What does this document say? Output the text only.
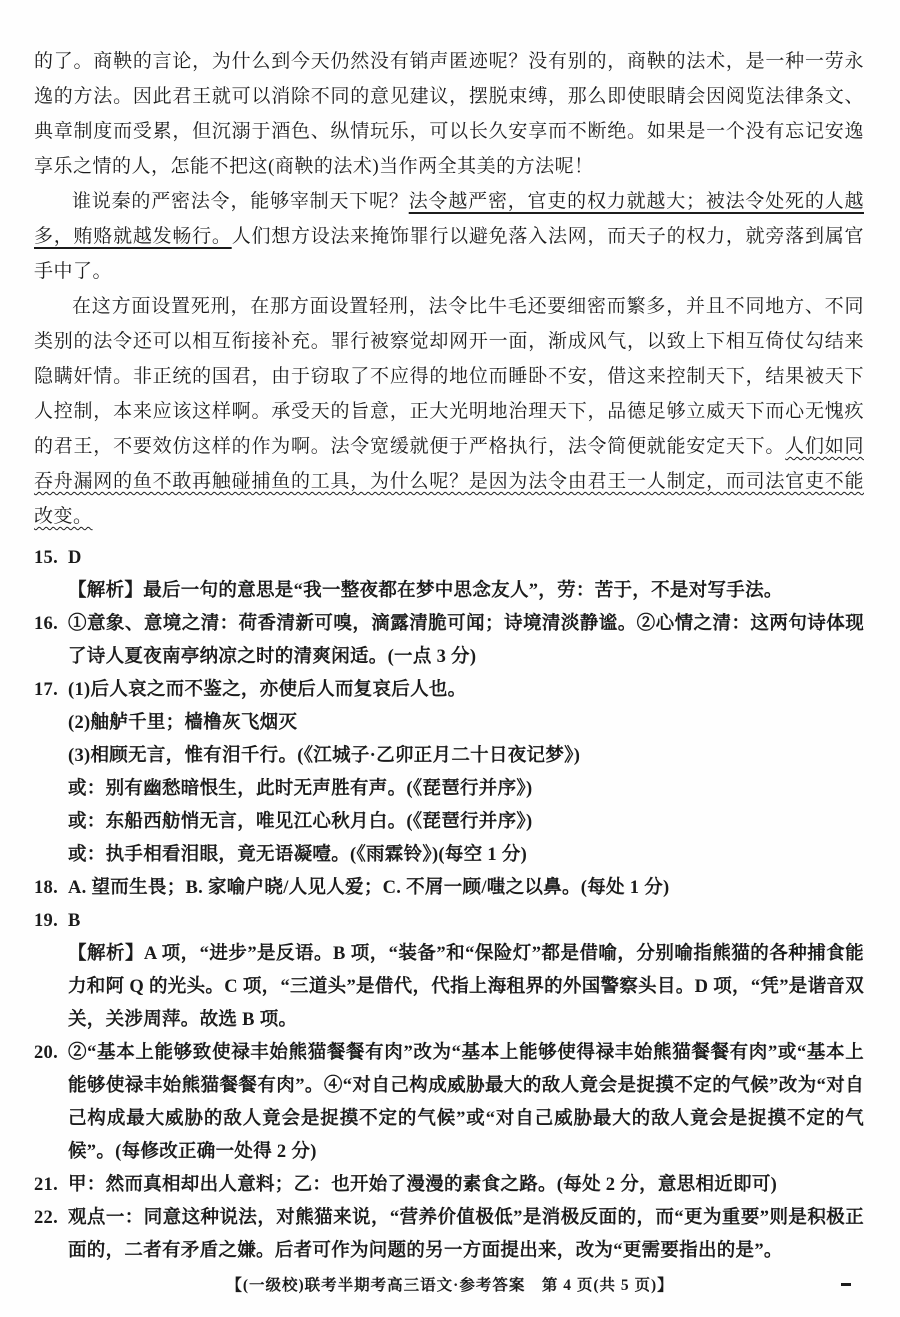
的了。商鞅的言论，为什么到今天仍然没有销声匿迹呢？没有别的，商鞅的法术，是一种一劳永逸的方法。因此君王就可以消除不同的意见建议，摆脱束缚，那么即使眼睛会因阅览法律条文、典章制度而受累，但沉溺于酒色、纵情玩乐，可以长久安享而不断绝。如果是一个没有忘记安逸享乐之情的人，怎能不把这(商鞅的法术)当作两全其美的方法呢！

谁说秦的严密法令，能够宰制天下呢？法令越严密，官吏的权力就越大；被法令处死的人越多，贿赂就越发畅行。人们想方设法来掩饰罪行以避免落入法网，而天子的权力，就旁落到属官手中了。

在这方面设置死刑，在那方面设置轻刑，法令比牛毛还要细密而繁多，并且不同地方、不同类别的法令还可以相互衔接补充。罪行被察觉却网开一面，渐成风气，以致上下相互倚仗勾结来隐瞒奸情。非正统的国君，由于窃取了不应得的地位而睡卧不安，借这来控制天下，结果被天下人控制，本来应该这样啊。承受天的旨意，正大光明地治理天下，品德足够立威天下而心无愧疚的君王，不要效仿这样的作为啊。法令宽缓就便于严格执行，法令简便就能安定天下。人们如同吞舟漏网的鱼不敢再触碰捕鱼的工具，为什么呢？是因为法令由君王一人制定，而司法官吏不能改变。

15. D
【解析】最后一句的意思是“我一整夜都在梦中思念友人”，劳：苦于，不是对写手法。
16. ①意象、意境之清：荷香清新可嗅，滴露清脆可闻；诗境清淡静谧。②心情之清：这两句诗体现了诗人夏夜南亭纳凉之时的清爽闲适。(一点 3 分)
17. (1)后人哀之而不鉴之，亦使后人而复哀后人也。
(2)舳舻千里；樯橹灰飞烟灭
(3)相顾无言，惟有泪千行。(《江城子·乙卯正月二十日夜记梦》)
或：别有幽愁暗恨生，此时无声胜有声。(《琵琶行并序》)
或：东船西舫悄无言，唯见江心秋月白。(《琵琶行并序》)
或：执手相看泪眼，竟无语凝噎。(《雨霖铃》)(每空 1 分)
18. A. 望而生畏；B. 家喻户晓/人见人爱；C. 不屑一顾/嗤之以鼻。(每处 1 分)
19. B
【解析】A 项，“进步”是反语。B 项，“装备”和“保险灯”都是借喻，分别喻指熊猫的各种捕食能力和阿 Q 的光头。C 项，“三道头”是借代，代指上海租界的外国警察头目。D 项，“凭”是谐音双关，关涉周萍。故选 B 项。
20. ②“基本上能够致使禄丰始熊猫餐餐有肉”改为“基本上能够使得禄丰始熊猫餐餐有肉”或“基本上能够使禄丰始熊猫餐餐有肉”。④“对自己构成威胁最大的敌人竟会是捉摸不定的气候”改为“对自己构成最大威胁的敌人竟会是捉摸不定的气候”或“对自己威胁最大的敌人竟会是捉摸不定的气候”。(每修改正确一处得 2 分)
21. 甲：然而真相却出人意料；乙：也开始了漫漫的素食之路。(每处 2 分，意思相近即可)
22. 观点一：同意这种说法，对熊猫来说，“营养价值极低”是消极反面的，而“更为重要”则是积极正面的，二者有矛盾之嫌。后者可作为问题的另一方面提出来，改为“更需要指出的是”。
【(一级校)联考半期考高三语文·参考答案　第 4 页(共 5 页)】
